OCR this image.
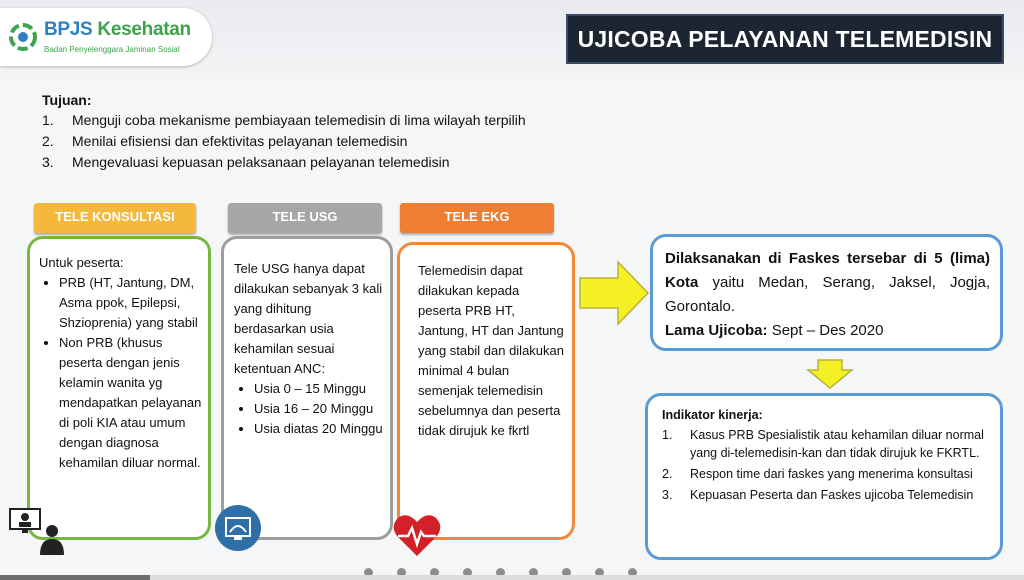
BPJS Kesehatan
Badan Penyelenggara Jaminan Sosial	UJICOBA PELAYANAN TELEMEDISIN
Tujuan:
1. Menguji coba mekanisme pembiayaan telemedisin di lima wilayah terpilih
2. Menilai efisiensi dan efektivitas pelayanan telemedisin
3. Mengevaluasi kepuasan pelaksanaan pelayanan telemedisin
TELE KONSULTASI	TELE USG	TELE EKG
Untuk peserta:
• PRB (HT, Jantung, DM, Asma ppok, Epilepsi, Shziopreniа) yang stabil
• Non PRB (khusus peserta dengan jenis kelamin wanita yg mendapatkan pelayanan di poli KIA atau umum dengan diagnosa kehamilan diluar normal.
Tele USG hanya dapat dilakukan sebanyak 3 kali yang dihitung berdasarkan usia kehamilan sesuai ketentuan ANC:
• Usia 0 – 15 Minggu
• Usia 16 – 20 Minggu
• Usia diatas 20 Minggu
Telemedisin dapat dilakukan kepada peserta PRB HT, Jantung, HT dan Jantung yang stabil dan dilakukan minimal 4 bulan semenjak telemedisin sebelumnya dan peserta tidak dirujuk ke fkrtl
Dilaksanakan di Faskes tersebar di 5 (lima) Kota yaitu Medan, Serang, Jaksel, Jogja, Gorontalo.
Lama Ujicoba: Sept – Des 2020
Indikator kinerja:
1.	Kasus PRB Spesialistik atau kehamilan diluar normal yang di-telemedisin-kan dan tidak dirujuk ke FKRTL.
2.	Respon time dari faskes yang menerima konsultasi
3.	Kepuasan Peserta dan Faskes ujicoba Telemedisin
